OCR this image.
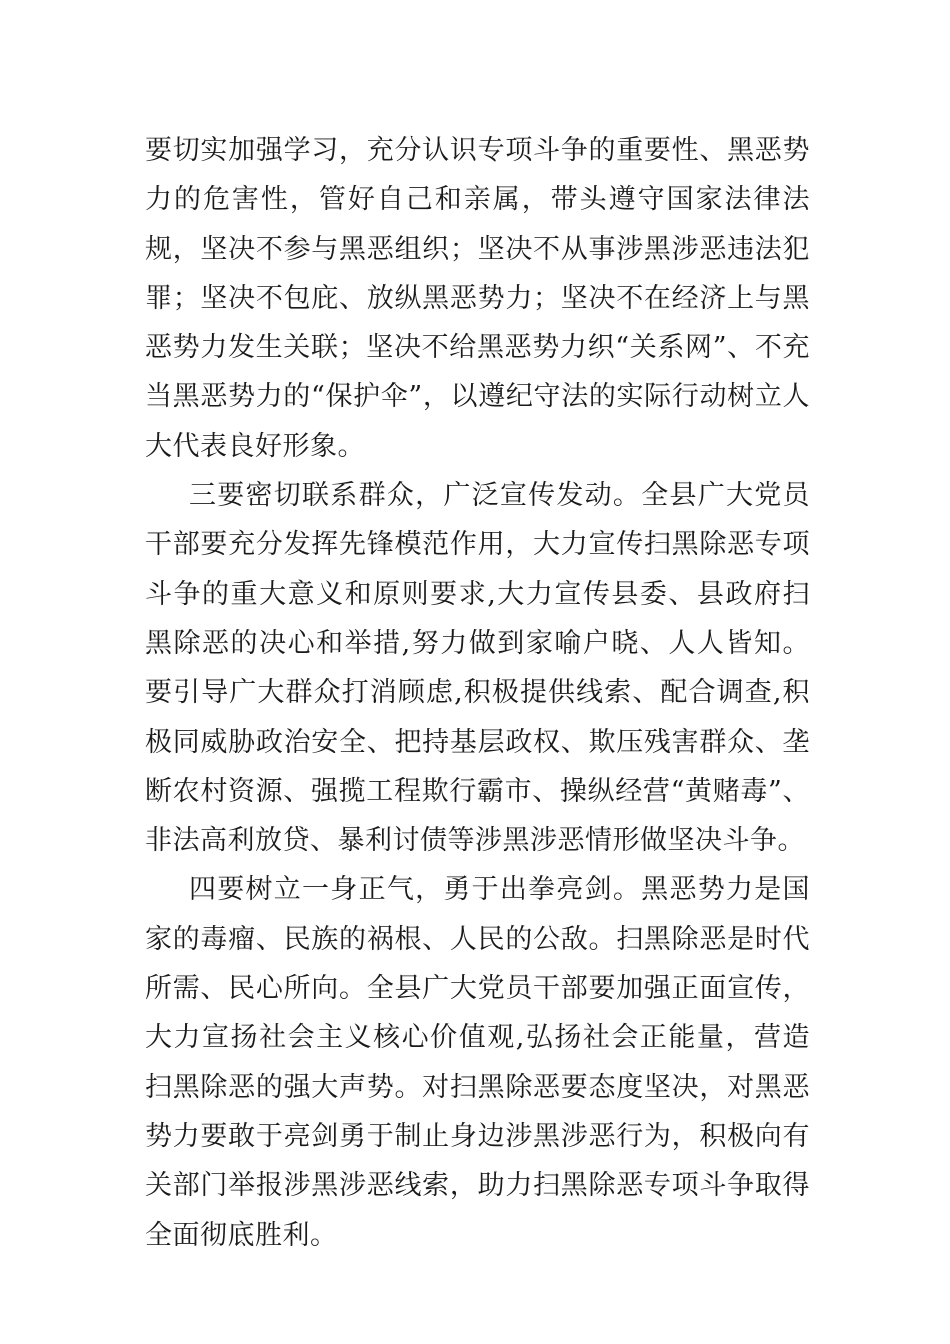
要切实加强学习，充分认识专项斗争的重要性、黑恶势力的危害性，管好自己和亲属，带头遵守国家法律法规，坚决不参与黑恶组织；坚决不从事涉黑涉恶违法犯罪；坚决不包庇、放纵黑恶势力；坚决不在经济上与黑恶势力发生关联；坚决不给黑恶势力织“关系网”、不充当黑恶势力的“保护伞”，以遵纪守法的实际行动树立人大代表良好形象。

三要密切联系群众，广泛宣传发动。全县广大党员干部要充分发挥先锋模范作用，大力宣传扫黑除恶专项斗争的重大意义和原则要求,大力宣传县委、县政府扫黑除恶的决心和举措,努力做到家喻户晓、人人皆知。要引导广大群众打消顾虑,积极提供线索、配合调查,积极同威胁政治安全、把持基层政权、欺压残害群众、垄断农村资源、强揽工程欺行霸市、操纵经营“黄赌毒”、非法高利放贷、暴利讨债等涉黑涉恶情形做坚决斗争。

四要树立一身正气，勇于出拳亮剑。黑恶势力是国家的毒瘤、民族的祸根、人民的公敌。扫黑除恶是时代所需、民心所向。全县广大党员干部要加强正面宣传，大力宣扬社会主义核心价值观,弘扬社会正能量，营造扫黑除恶的强大声势。对扫黑除恶要态度坚决，对黑恶势力要敢于亮剑勇于制止身边涉黑涉恶行为，积极向有关部门举报涉黑涉恶线索，助力扫黑除恶专项斗争取得全面彻底胜利。
